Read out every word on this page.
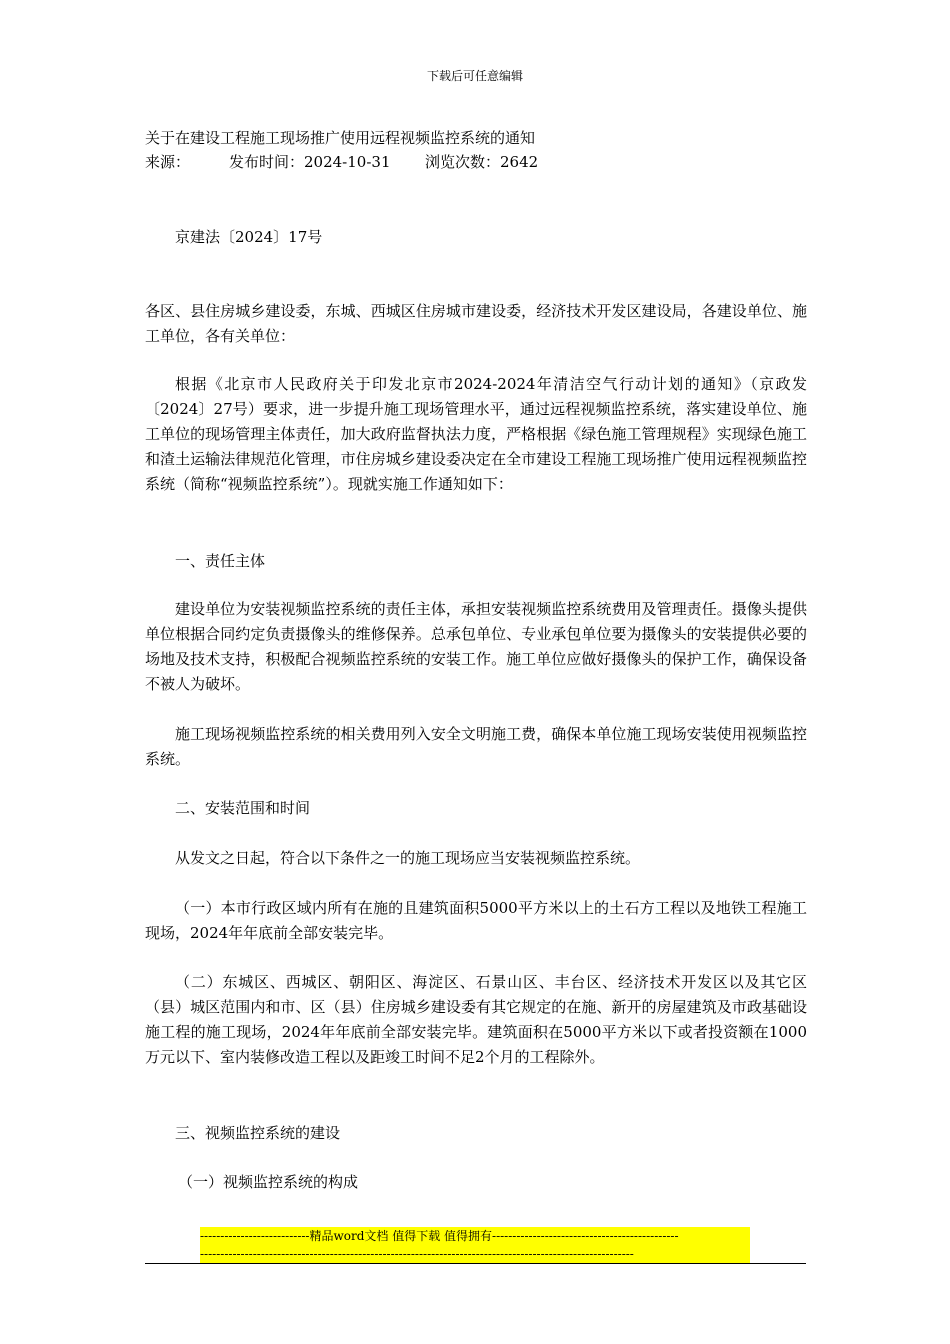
下载后可任意编辑
关于在建设工程施工现场推广使用远程视频监控系统的通知
来源：	发布时间：2024-10-31 浏览次数：2642

京建法〔2024〕17号

各区、县住房城乡建设委，东城、西城区住房城市建设委，经济技术开发区建设局，各建设单位、施工单位，各有关单位：

根据《北京市人民政府关于印发北京市2024-2024年清洁空气行动计划的通知》（京政发〔2024〕27号）要求，进一步提升施工现场管理水平，通过远程视频监控系统，落实建设单位、施工单位的现场管理主体责任，加大政府监督执法力度，严格根据《绿色施工管理规程》实现绿色施工和渣土运输法律规范化管理，市住房城乡建设委决定在全市建设工程施工现场推广使用远程视频监控系统（简称“视频监控系统”）。现就实施工作通知如下：

一、责任主体

建设单位为安装视频监控系统的责任主体，承担安装视频监控系统费用及管理责任。摄像头提供单位根据合同约定负责摄像头的维修保养。总承包单位、专业承包单位要为摄像头的安装提供必要的场地及技术支持，积极配合视频监控系统的安装工作。施工单位应做好摄像头的保护工作，确保设备不被人为破坏。

施工现场视频监控系统的相关费用列入安全文明施工费，确保本单位施工现场安装使用视频监控系统。

二、安装范围和时间

从发文之日起，符合以下条件之一的施工现场应当安装视频监控系统。

（一）本市行政区域内所有在施的且建筑面积5000平方米以上的土石方工程以及地铁工程施工现场，2024年年底前全部安装完毕。

（二）东城区、西城区、朝阳区、海淀区、石景山区、丰台区、经济技术开发区以及其它区（县）城区范围内和市、区（县）住房城乡建设委有其它规定的在施、新开的房屋建筑及市政基础设施工程的施工现场，2024年年底前全部安装完毕。建筑面积在5000平方米以下或者投资额在1000万元以下、室内装修改造工程以及距竣工时间不足2个月的工程除外。

三、视频监控系统的建设

（一）视频监控系统的构成

---------------------------精品word文档 值得下载 值得拥有----------------------------------------------
-----------------------------------------------------------------------------------------------------------
